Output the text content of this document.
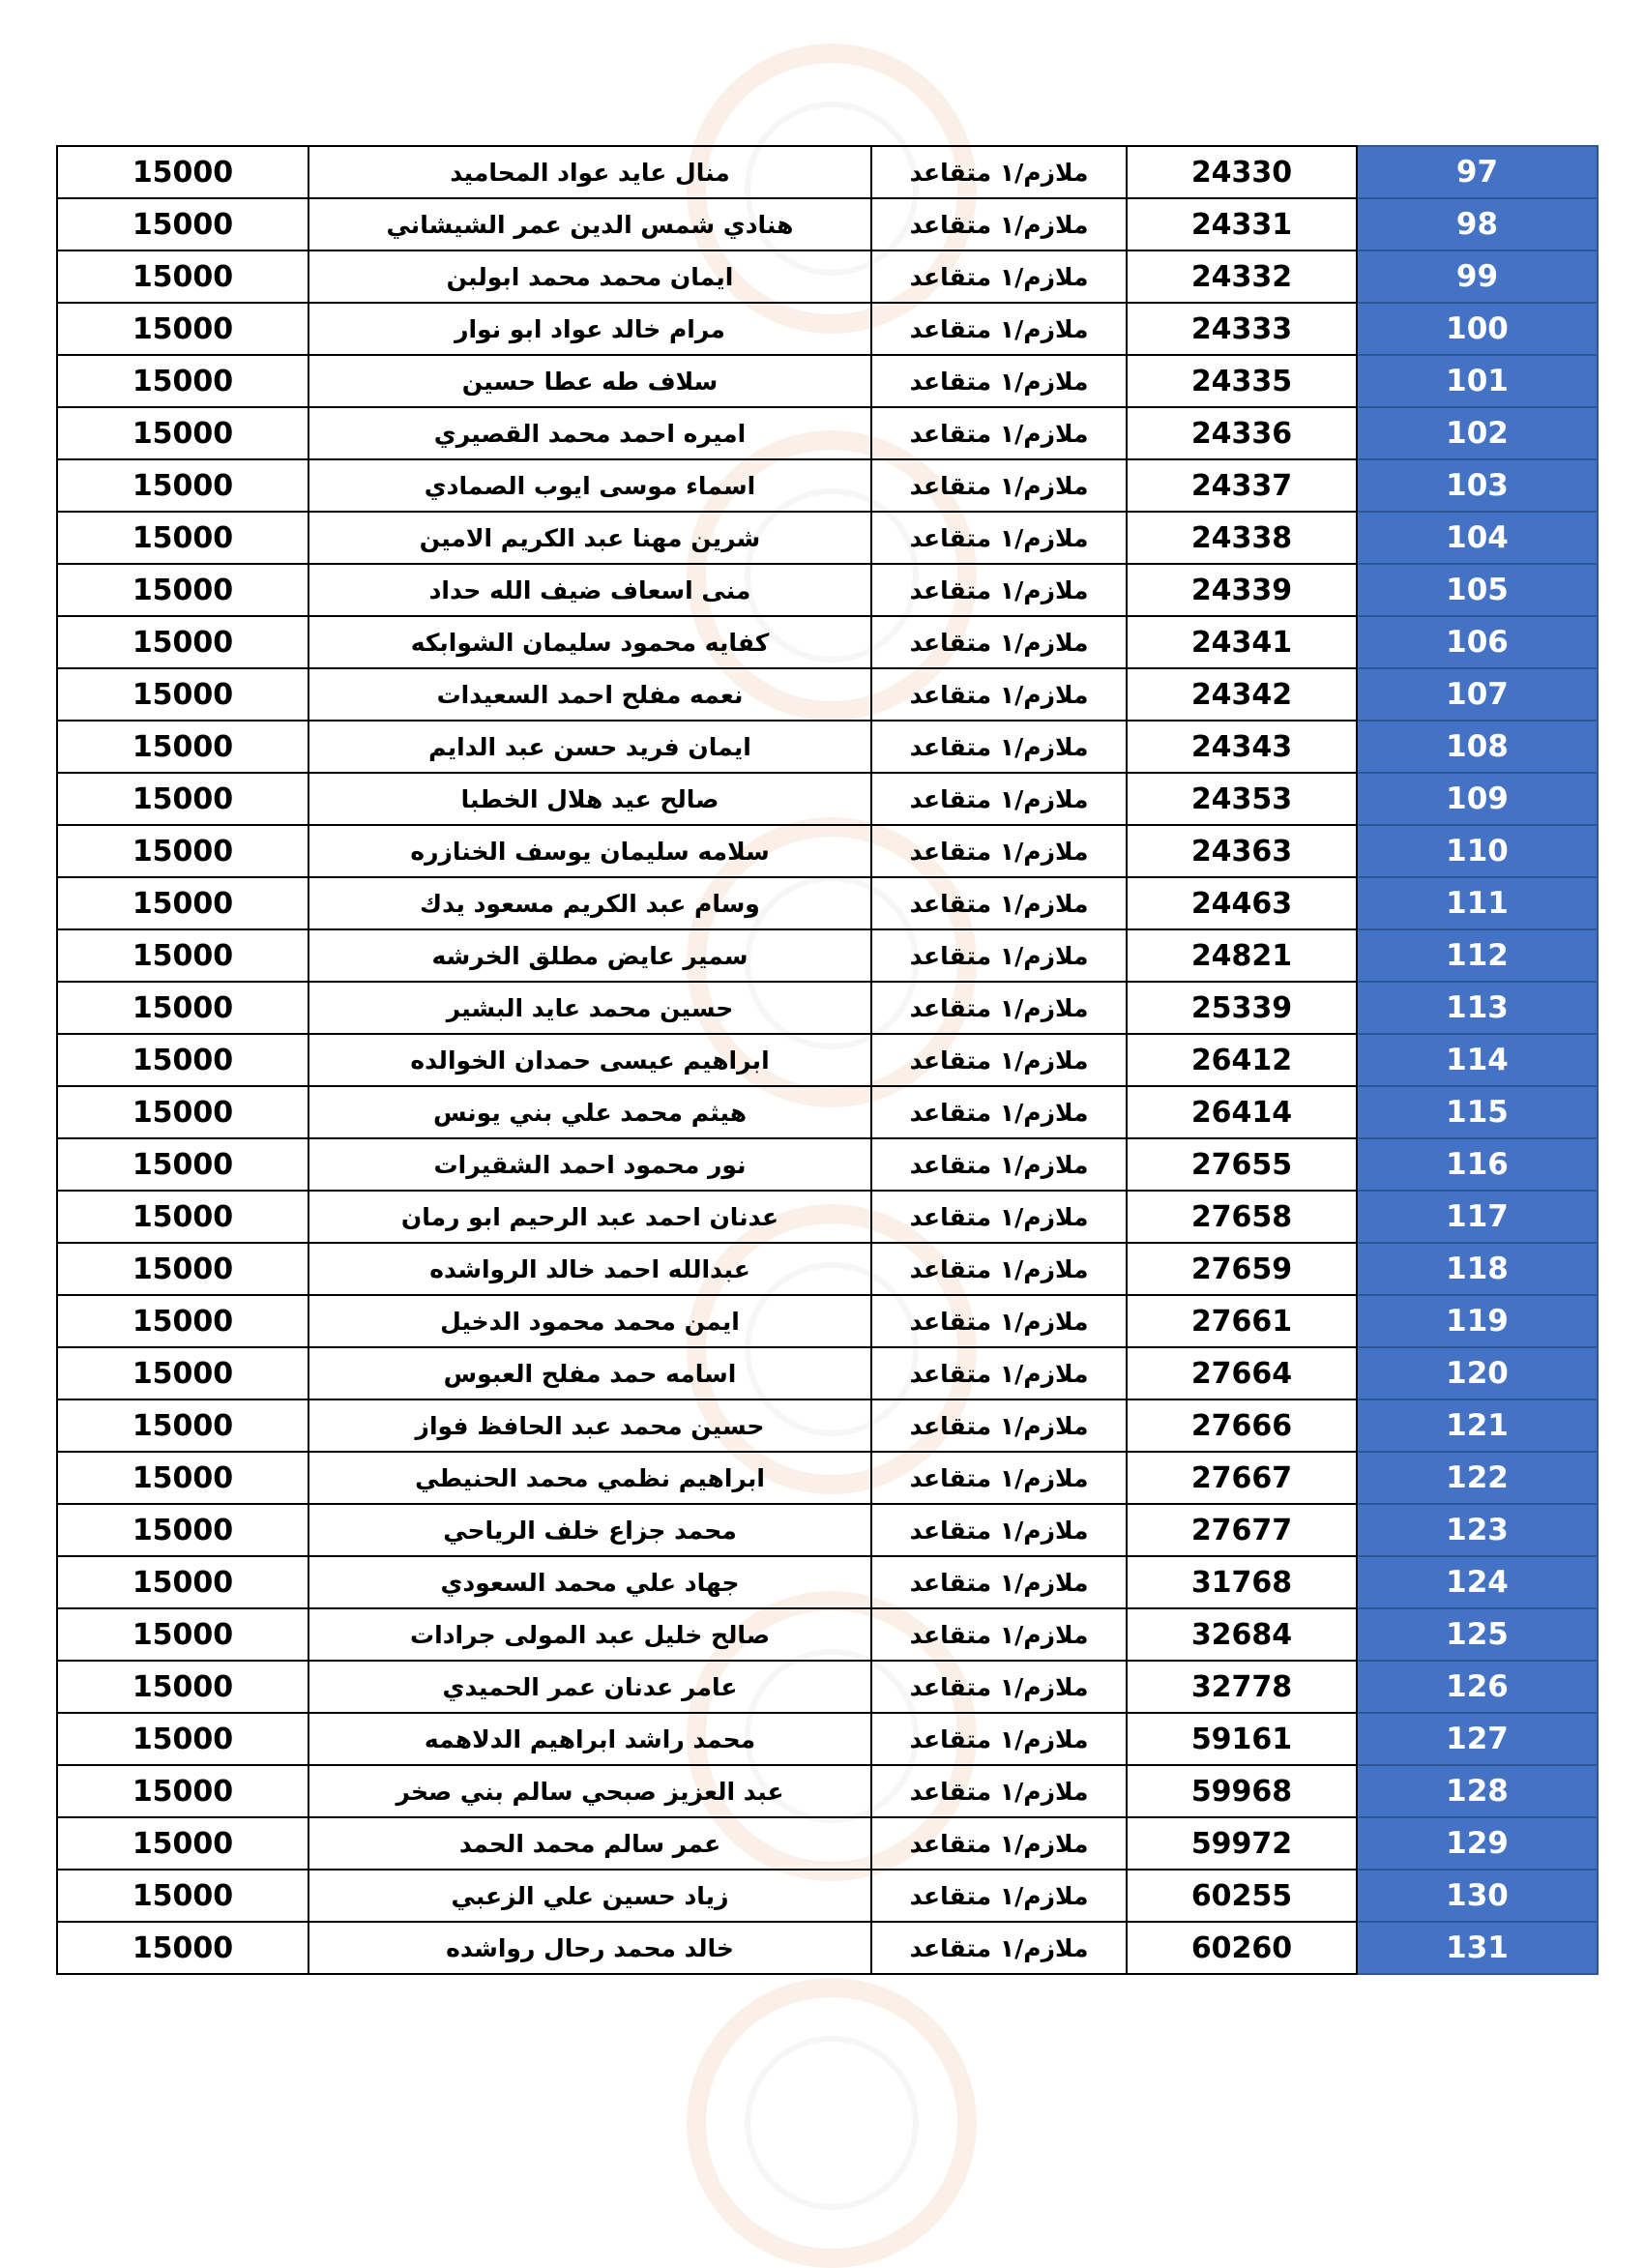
15000	منال عايد عواد المحاميد	ملازم/١ متقاعد	24330	97
15000	هنادي شمس الدين عمر الشيشاني	ملازم/١ متقاعد	24331	98
15000	ايمان محمد محمد ابولبن	ملازم/١ متقاعد	24332	99
15000	مرام خالد عواد ابو نوار	ملازم/١ متقاعد	24333	100
15000	سلاف طه عطا حسين	ملازم/١ متقاعد	24335	101
15000	اميره احمد محمد القصيري	ملازم/١ متقاعد	24336	102
15000	اسماء موسى ايوب الصمادي	ملازم/١ متقاعد	24337	103
15000	شرين مهنا عبد الكريم الامين	ملازم/١ متقاعد	24338	104
15000	منى اسعاف ضيف الله حداد	ملازم/١ متقاعد	24339	105
15000	كفايه محمود سليمان الشوابكه	ملازم/١ متقاعد	24341	106
15000	نعمه مفلح احمد السعيدات	ملازم/١ متقاعد	24342	107
15000	ايمان فريد حسن عبد الدايم	ملازم/١ متقاعد	24343	108
15000	صالح عيد هلال الخطبا	ملازم/١ متقاعد	24353	109
15000	سلامه سليمان يوسف الخنازره	ملازم/١ متقاعد	24363	110
15000	وسام عبد الكريم مسعود يدك	ملازم/١ متقاعد	24463	111
15000	سمير عايض مطلق الخرشه	ملازم/١ متقاعد	24821	112
15000	حسين محمد عايد البشير	ملازم/١ متقاعد	25339	113
15000	ابراهيم عيسى حمدان الخوالده	ملازم/١ متقاعد	26412	114
15000	هيثم محمد علي بني يونس	ملازم/١ متقاعد	26414	115
15000	نور محمود احمد الشقيرات	ملازم/١ متقاعد	27655	116
15000	عدنان احمد عبد الرحيم ابو رمان	ملازم/١ متقاعد	27658	117
15000	عبدالله احمد خالد الرواشده	ملازم/١ متقاعد	27659	118
15000	ايمن محمد محمود الدخيل	ملازم/١ متقاعد	27661	119
15000	اسامه حمد مفلح العبوس	ملازم/١ متقاعد	27664	120
15000	حسين محمد عبد الحافظ فواز	ملازم/١ متقاعد	27666	121
15000	ابراهيم نظمي محمد الحنيطي	ملازم/١ متقاعد	27667	122
15000	محمد جزاع خلف الرياحي	ملازم/١ متقاعد	27677	123
15000	جهاد علي محمد السعودي	ملازم/١ متقاعد	31768	124
15000	صالح خليل عبد المولى جرادات	ملازم/١ متقاعد	32684	125
15000	عامر عدنان عمر الحميدي	ملازم/١ متقاعد	32778	126
15000	محمد راشد ابراهيم الدلاهمه	ملازم/١ متقاعد	59161	127
15000	عبد العزيز صبحي سالم بني صخر	ملازم/١ متقاعد	59968	128
15000	عمر سالم محمد الحمد	ملازم/١ متقاعد	59972	129
15000	زياد حسين علي الزعبي	ملازم/١ متقاعد	60255	130
15000	خالد محمد رحال رواشده	ملازم/١ متقاعد	60260	131
